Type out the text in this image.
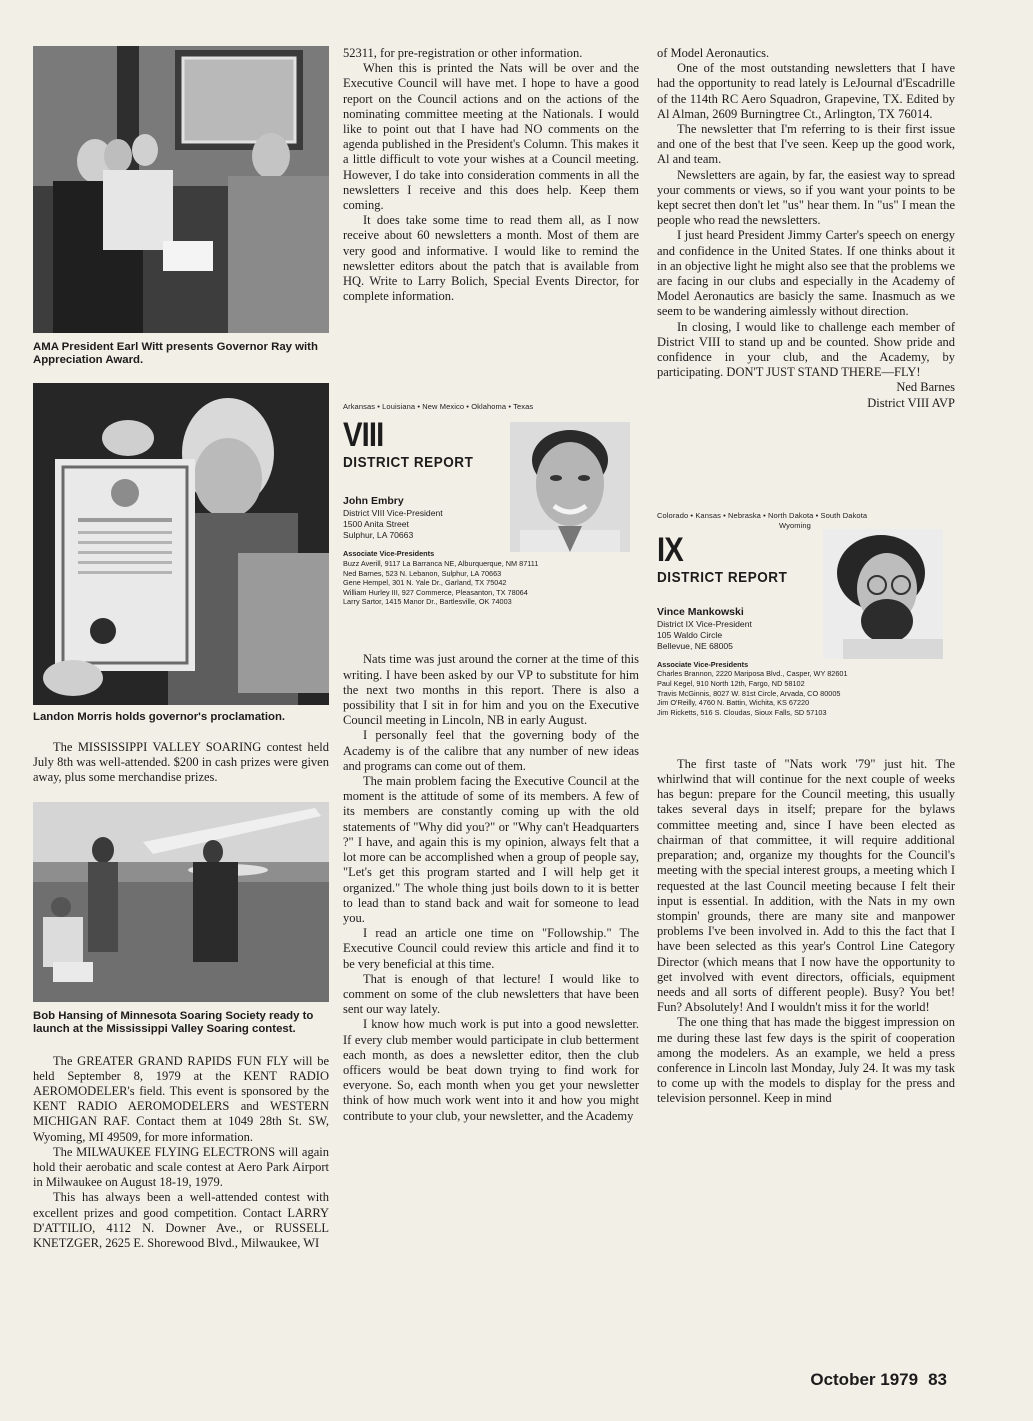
AMA President Earl Witt presents Governor Ray with Appreciation Award.

Landon Morris holds governor's proclamation.

The MISSISSIPPI VALLEY SOARING contest held July 8th was well-attended. $200 in cash prizes were given away, plus some merchandise prizes.

Bob Hansing of Minnesota Soaring Society ready to launch at the Mississippi Valley Soaring contest.

The GREATER GRAND RAPIDS FUN FLY will be held September 8, 1979 at the KENT RADIO AEROMODELER's field. This event is sponsored by the KENT RADIO AEROMODELERS and WESTERN MICHIGAN RAF. Contact them at 1049 28th St. SW, Wyoming, MI 49509, for more information.

The MILWAUKEE FLYING ELECTRONS will again hold their aerobatic and scale contest at Aero Park Airport in Milwaukee on August 18-19, 1979.

This has always been a well-attended contest with excellent prizes and good competition. Contact LARRY D'ATTILIO, 4112 N. Downer Ave., or RUSSELL KNETZGER, 2625 E. Shorewood Blvd., Milwaukee, WI

52311, for pre-registration or other information.

When this is printed the Nats will be over and the Executive Council will have met. I hope to have a good report on the Council actions and on the actions of the nominating committee meeting at the Nationals. I would like to point out that I have had NO comments on the agenda published in the President's Column. This makes it a little difficult to vote your wishes at a Council meeting. However, I do take into consideration comments in all the newsletters I receive and this does help. Keep them coming.

It does take some time to read them all, as I now receive about 60 newsletters a month. Most of them are very good and informative. I would like to remind the newsletter editors about the patch that is available from HQ. Write to Larry Bolich, Special Events Director, for complete information.

Arkansas • Louisiana • New Mexico • Oklahoma • Texas
VIII
DISTRICT REPORT
John Embry
District VIII Vice-President
1500 Anita Street
Sulphur, LA 70663
Associate Vice-Presidents
Buzz Averill, 9117 La Barranca NE, Alburquerque, NM 87111
Ned Barnes, 523 N. Lebanon, Sulphur, LA 70663
Gene Hempel, 301 N. Yale Dr., Garland, TX 75042
William Hurley III, 927 Commerce, Pleasanton, TX 78064
Larry Sartor, 1415 Manor Dr., Bartlesville, OK 74003

Nats time was just around the corner at the time of this writing. I have been asked by our VP to substitute for him the next two months in this report. There is also a possibility that I sit in for him and you on the Executive Council meeting in Lincoln, NB in early August.

I personally feel that the governing body of the Academy is of the calibre that any number of new ideas and programs can come out of them.

The main problem facing the Executive Council at the moment is the attitude of some of its members. A few of its members are constantly coming up with the old statements of "Why did you?" or "Why can't Headquarters ?" I have, and again this is my opinion, always felt that a lot more can be accomplished when a group of people say, "Let's get this program started and I will help get it organized." The whole thing just boils down to it is better to lead than to stand back and wait for someone to lead you.

I read an article one time on "Followship." The Executive Council could review this article and find it to be very beneficial at this time.

That is enough of that lecture! I would like to comment on some of the club newsletters that have been sent our way lately.

I know how much work is put into a good newsletter. If every club member would participate in club betterment each month, as does a newsletter editor, then the club officers would be beat down trying to find work for everyone. So, each month when you get your newsletter think of how much work went into it and how you might contribute to your club, your newsletter, and the Academy

of Model Aeronautics.

One of the most outstanding newsletters that I have had the opportunity to read lately is LeJournal d'Escadrille of the 114th RC Aero Squadron, Grapevine, TX. Edited by Al Alman, 2609 Burningtree Ct., Arlington, TX 76014.

The newsletter that I'm referring to is their first issue and one of the best that I've seen. Keep up the good work, Al and team.

Newsletters are again, by far, the easiest way to spread your comments or views, so if you want your points to be kept secret then don't let "us" hear them. In "us" I mean the people who read the newsletters.

I just heard President Jimmy Carter's speech on energy and confidence in the United States. If one thinks about it in an objective light he might also see that the problems we are facing in our clubs and especially in the Academy of Model Aeronautics are basicly the same. Inasmuch as we seem to be wandering aimlessly without direction.

In closing, I would like to challenge each member of District VIII to stand up and be counted. Show pride and confidence in your club, and the Academy, by participating. DON'T JUST STAND THERE—FLY!

Ned Barnes

District VIII AVP

Colorado • Kansas • Nebraska • North Dakota • South Dakota
Wyoming
IX
DISTRICT REPORT
Vince Mankowski
District IX Vice-President
105 Waldo Circle
Bellevue, NE 68005
Associate Vice-Presidents
Charles Brannon, 2220 Mariposa Blvd., Casper, WY 82601
Paul Kegel, 910 North 12th, Fargo, ND 58102
Travis McGinnis, 8027 W. 81st Circle, Arvada, CO 80005
Jim O'Reilly, 4760 N. Battin, Wichita, KS 67220
Jim Ricketts, 516 S. Cloudas, Sioux Falls, SD 57103

The first taste of "Nats work '79" just hit. The whirlwind that will continue for the next couple of weeks has begun: prepare for the Council meeting, this usually takes several days in itself; prepare for the bylaws committee meeting and, since I have been elected as chairman of that committee, it will require additional preparation; and, organize my thoughts for the Council's meeting with the special interest groups, a meeting which I requested at the last Council meeting because I felt their input is essential. In addition, with the Nats in my own stompin' grounds, there are many site and manpower problems I've been involved in. Add to this the fact that I have been selected as this year's Control Line Category Director (which means that I now have the opportunity to get involved with event directors, officials, equipment needs and all sorts of different people). Busy? You bet! Fun? Absolutely! And I wouldn't miss it for the world!

The one thing that has made the biggest impression on me during these last few days is the spirit of cooperation among the modelers. As an example, we held a press conference in Lincoln last Monday, July 24. It was my task to come up with the models to display for the press and television personnel. Keep in mind

October 1979 83
